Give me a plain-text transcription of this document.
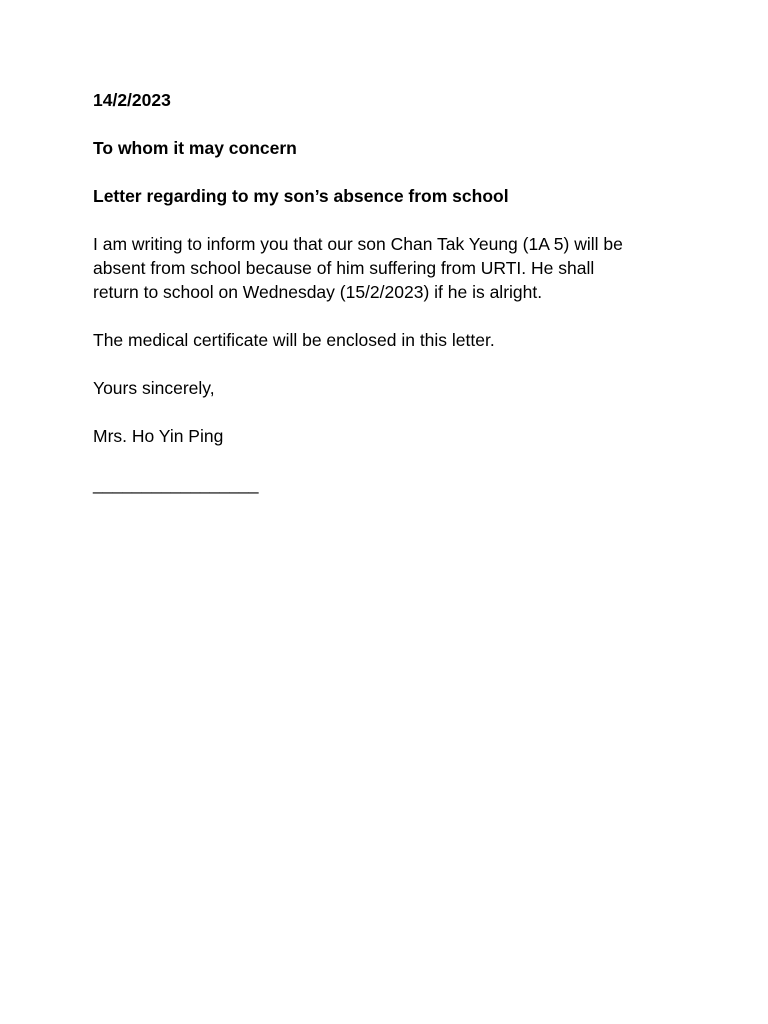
14/2/2023
To whom it may concern
Letter regarding to my son’s absence from school
I am writing to inform you that our son Chan Tak Yeung (1A 5) will be
absent from school because of him suffering from URTI. He shall
return to school on Wednesday (15/2/2023) if he is alright.
The medical certificate will be enclosed in this letter.
Yours sincerely,
Mrs. Ho Yin Ping
_________________
